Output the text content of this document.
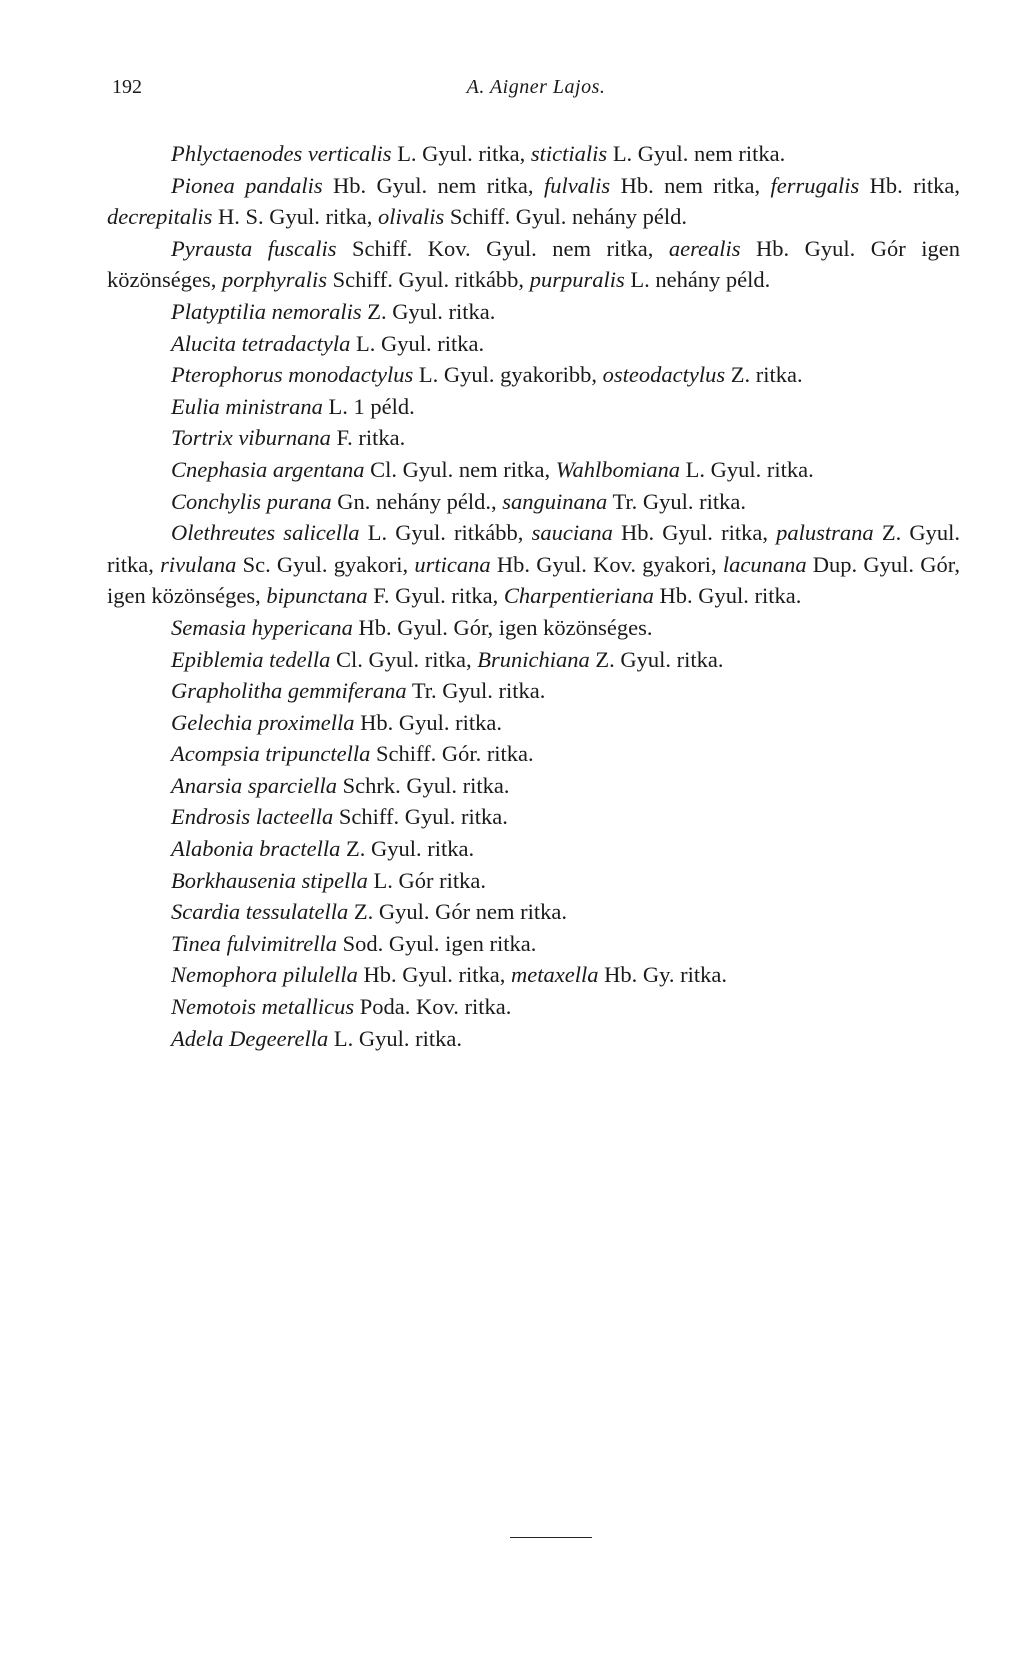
192	A. Aigner Lajos.

Phlyctaenodes verticalis L. Gyul. ritka, stictialis L. Gyul. nem ritka.

Pionea pandalis Hb. Gyul. nem ritka, fulvalis Hb. nem ritka, ferrugalis Hb. ritka, decrepitalis H. S. Gyul. ritka, olivalis Schiff. Gyul. nehány péld.

Pyrausta fuscalis Schiff. Kov. Gyul. nem ritka, aerealis Hb. Gyul. Gór igen közönséges, porphyralis Schiff. Gyul. ritkább, purpuralis L. nehány péld.

Platyptilia nemoralis Z. Gyul. ritka.

Alucita tetradactyla L. Gyul. ritka.

Pterophorus monodactylus L. Gyul. gyakoribb, osteodactylus Z. ritka.

Eulia ministrana L. 1 péld.

Tortrix viburnana F. ritka.

Cnephasia argentana Cl. Gyul. nem ritka, Wahlbomiana L. Gyul. ritka.

Conchylis purana Gn. nehány péld., sanguinana Tr. Gyul. ritka.

Olethreutes salicella L. Gyul. ritkább, sauciana Hb. Gyul. ritka, palustrana Z. Gyul. ritka, rivulana Sc. Gyul. gyakori, urticana Hb. Gyul. Kov. gyakori, lacunana Dup. Gyul. Gór, igen közönséges, bipunctana F. Gyul. ritka, Charpentieriana Hb. Gyul. ritka.

Semasia hypericana Hb. Gyul. Gór, igen közönséges.

Epiblemia tedella Cl. Gyul. ritka, Brunichiana Z. Gyul. ritka.

Grapholitha gemmiferana Tr. Gyul. ritka.

Gelechia proximella Hb. Gyul. ritka.

Acompsia tripunctella Schiff. Gór. ritka.

Anarsia sparciella Schrk. Gyul. ritka.

Endrosis lacteella Schiff. Gyul. ritka.

Alabonia bractella Z. Gyul. ritka.

Borkhausenia stipella L. Gór ritka.

Scardia tessulatella Z. Gyul. Gór nem ritka.

Tinea fulvimitrella Sod. Gyul. igen ritka.

Nemophora pilulella Hb. Gyul. ritka, metaxella Hb. Gy. ritka.

Nemotois metallicus Poda. Kov. ritka.

Adela Degeerella L. Gyul. ritka.
